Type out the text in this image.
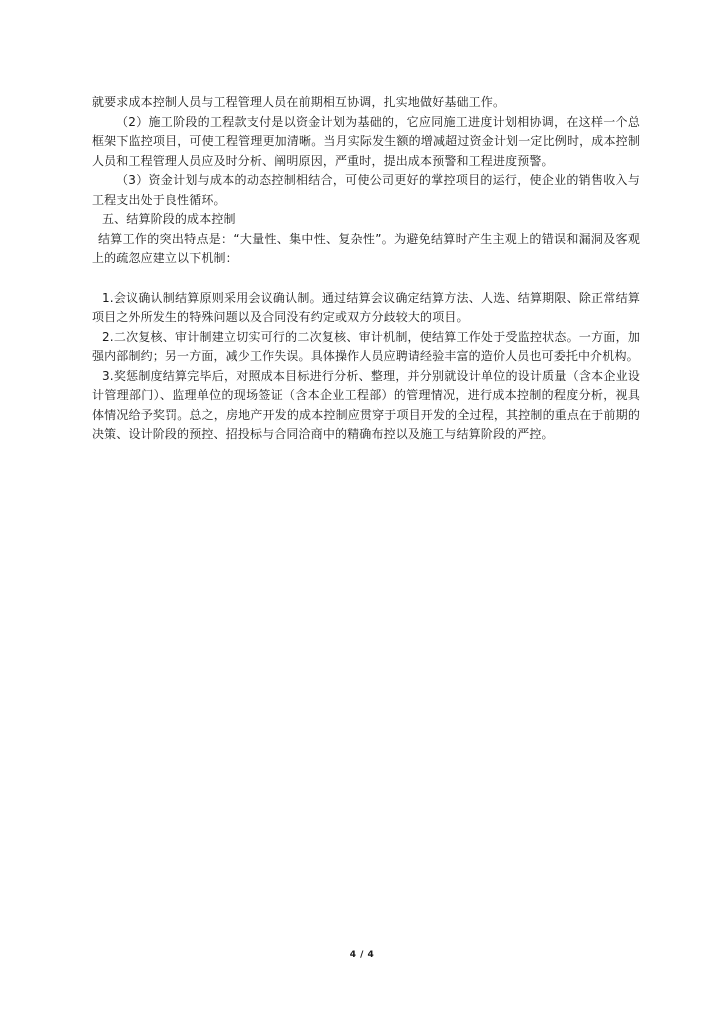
就要求成本控制人员与工程管理人员在前期相互协调，扎实地做好基础工作。

（2）施工阶段的工程款支付是以资金计划为基础的，它应同施工进度计划相协调，在这样一个总框架下监控项目，可使工程管理更加清晰。当月实际发生额的增减超过资金计划一定比例时，成本控制人员和工程管理人员应及时分析、阐明原因，严重时，提出成本预警和工程进度预警。

（3）资金计划与成本的动态控制相结合，可使公司更好的掌控项目的运行，使企业的销售收入与工程支出处于良性循环。

五、结算阶段的成本控制

结算工作的突出特点是：“大量性、集中性、复杂性”。为避免结算时产生主观上的错误和漏洞及客观上的疏忽应建立以下机制：

1.会议确认制结算原则采用会议确认制。通过结算会议确定结算方法、人选、结算期限、除正常结算项目之外所发生的特殊问题以及合同没有约定或双方分歧较大的项目。

2.二次复核、审计制建立切实可行的二次复核、审计机制，使结算工作处于受监控状态。一方面，加强内部制约；另一方面，减少工作失误。具体操作人员应聘请经验丰富的造价人员也可委托中介机构。

3.奖惩制度结算完毕后，对照成本目标进行分析、整理，并分别就设计单位的设计质量（含本企业设计管理部门）、监理单位的现场签证（含本企业工程部）的管理情况，进行成本控制的程度分析，视具体情况给予奖罚。总之，房地产开发的成本控制应贯穿于项目开发的全过程，其控制的重点在于前期的决策、设计阶段的预控、招投标与合同洽商中的精确布控以及施工与结算阶段的严控。

4 / 4
